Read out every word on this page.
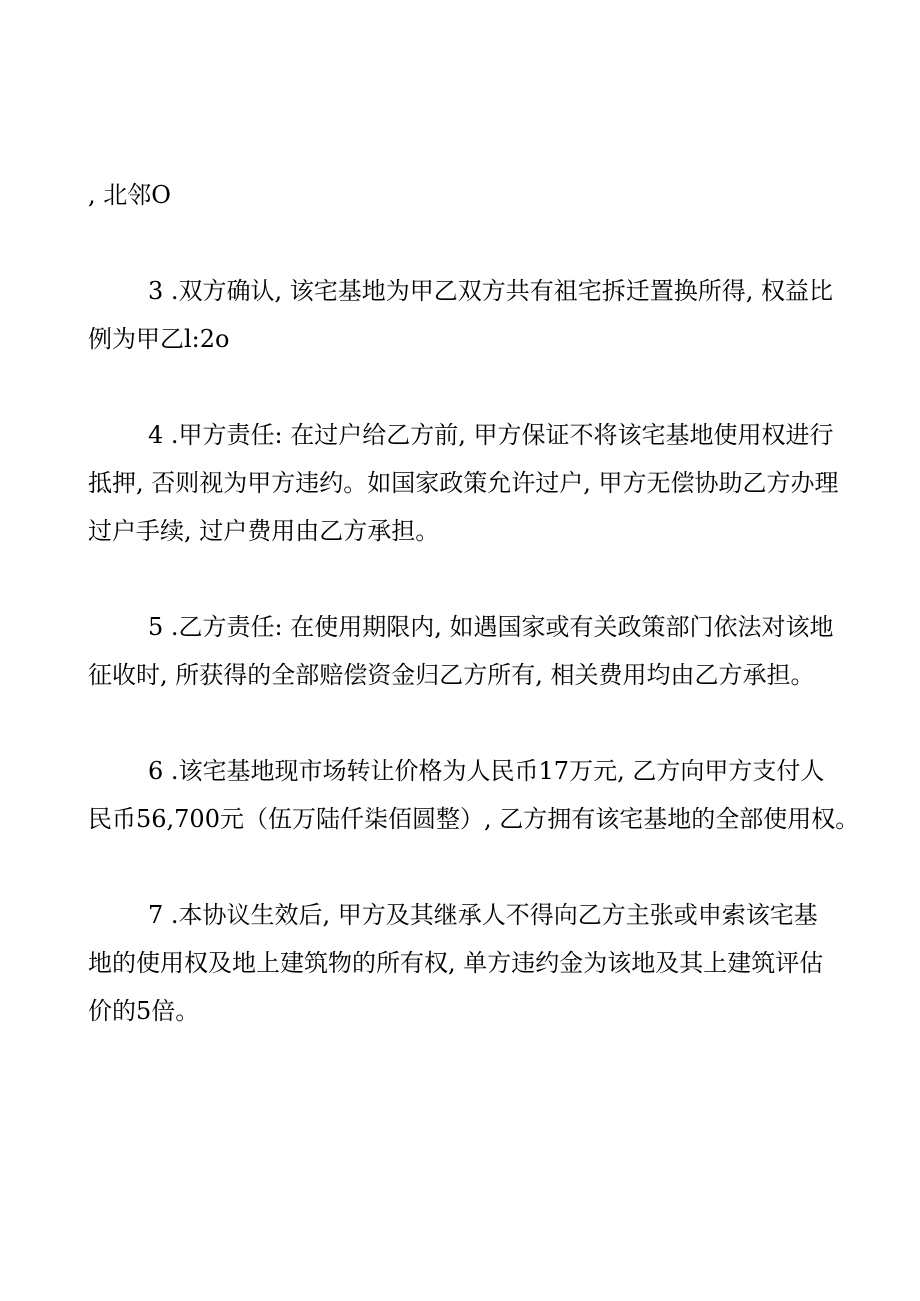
, 北邻O
3 .双方确认, 该宅基地为甲乙双方共有祖宅拆迁置换所得, 权益比
例为甲乙l:2o
4 .甲方责任: 在过户给乙方前, 甲方保证不将该宅基地使用权进行
抵押, 否则视为甲方违约。如国家政策允许过户, 甲方无偿协助乙方办理
过户手续, 过户费用由乙方承担。
5 .乙方责任: 在使用期限内, 如遇国家或有关政策部门依法对该地
征收时, 所获得的全部赔偿资金归乙方所有, 相关费用均由乙方承担。
6 .该宅基地现市场转让价格为人民币17万元, 乙方向甲方支付人
民币56,700元（伍万陆仟柒佰圆整）, 乙方拥有该宅基地的全部使用权。
7 .本协议生效后, 甲方及其继承人不得向乙方主张或申索该宅基
地的使用权及地上建筑物的所有权, 单方违约金为该地及其上建筑评估
价的5倍。
